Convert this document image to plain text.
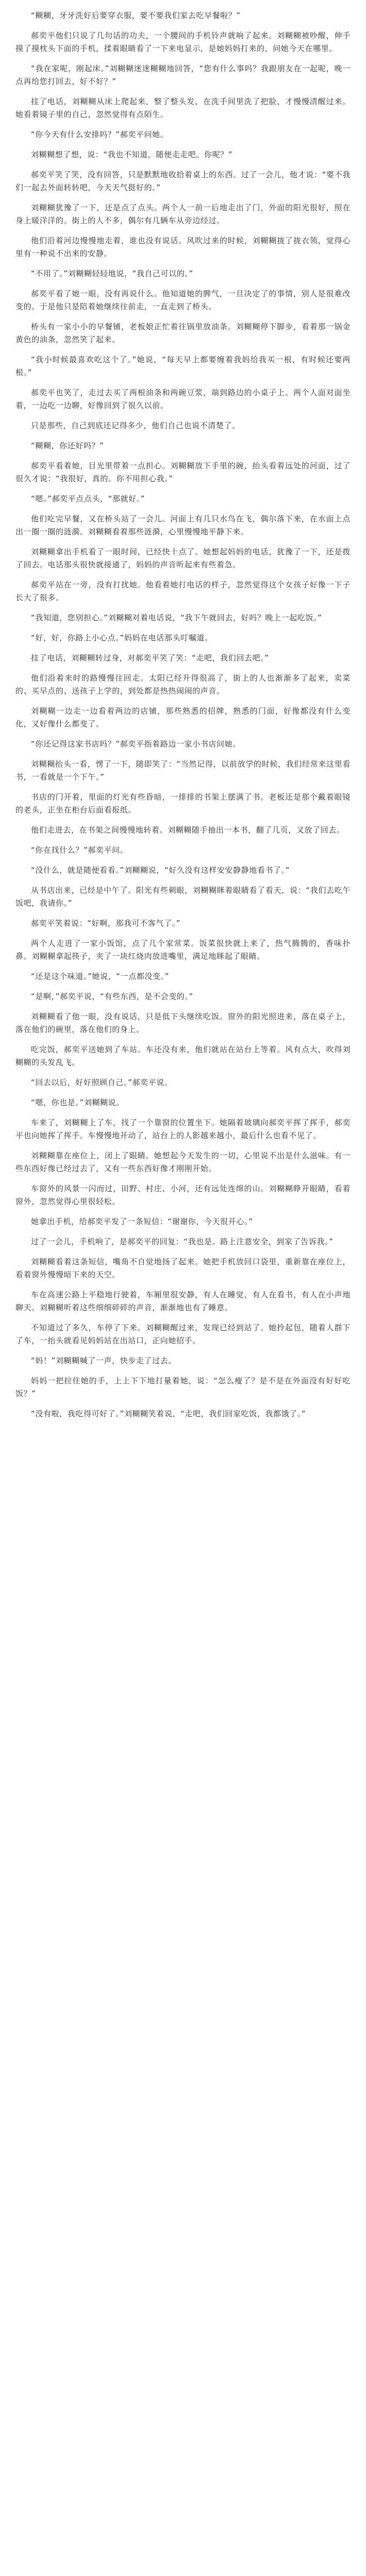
“糊糊，牙牙洗好后要穿衣服，要不要我们家去吃早餐啦？”

郝奕平他们只说了几句话的功夫，一个腰间的手机铃声就响了起来。刘糊糊被吵醒，伸手摸了摸枕头下面的手机，揉着眼睛看了一下来电显示，是她妈妈打来的，问她今天在哪里。

“我在家呢，刚起床。”刘糊糊迷迷糊糊地回答，“您有什么事吗？我跟朋友在一起呢，晚一点再给您打回去，好不好？”

挂了电话，刘糊糊从床上爬起来，整了整头发，在洗手间里洗了把脸，才慢慢清醒过来。她看着镜子里的自己，忽然觉得有点陌生。

“你今天有什么安排吗？”郝奕平问她。

刘糊糊想了想，说：“我也不知道，随便走走吧。你呢？”

郝奕平笑了笑，没有回答，只是默默地收拾着桌上的东西。过了一会儿，他才说：“要不我们一起去外面转转吧，今天天气挺好的。”

刘糊糊犹豫了一下，还是点了点头。两个人一前一后地走出了门，外面的阳光很好，照在身上暖洋洋的。街上的人不多，偶尔有几辆车从旁边经过。

他们沿着河边慢慢地走着，谁也没有说话。风吹过来的时候，刘糊糊拢了拢衣领，觉得心里有一种说不出来的安静。

“不用了。”刘糊糊轻轻地说，“我自己可以的。”

郝奕平看了她一眼，没有再说什么。他知道她的脾气，一旦决定了的事情，别人是很难改变的。于是他只是陪着她继续往前走，一直走到了桥头。

桥头有一家小小的早餐铺，老板娘正忙着往锅里放油条。刘糊糊停下脚步，看着那一锅金黄色的油条，忽然笑了起来。

“我小时候最喜欢吃这个了。”她说，“每天早上都要缠着我妈给我买一根，有时候还要两根。”

郝奕平也笑了，走过去买了两根油条和两碗豆浆，端到路边的小桌子上。两个人面对面坐着，一边吃一边聊，好像回到了很久以前。

只是那些，自己到底还记得多少，他们自己也说不清楚了。

“糊糊，你还好吗？”

郝奕平看着她，目光里带着一点担心。刘糊糊放下手里的碗，抬头看着远处的河面，过了很久才说：“我很好，真的。你不用担心我。”

“嗯。”郝奕平点点头，“那就好。”

他们吃完早餐，又在桥头站了一会儿。河面上有几只水鸟在飞，偶尔落下来，在水面上点出一圈一圈的涟漪。刘糊糊看着那些涟漪，心里慢慢地平静下来。

刘糊糊拿出手机看了一眼时间，已经快十点了。她想起妈妈的电话，犹豫了一下，还是拨了回去。电话那头很快就接通了，妈妈的声音听起来有些着急。

郝奕平站在一旁，没有打扰她。他看着她打电话的样子，忽然觉得这个女孩子好像一下子长大了很多。

“我知道，您别担心。”刘糊糊对着电话说，“我下午就回去，好吗？晚上一起吃饭。”

“好，好，你路上小心点。”妈妈在电话那头叮嘱道。

挂了电话，刘糊糊转过身，对郝奕平笑了笑：“走吧，我们回去吧。”

他们沿着来时的路慢慢往回走。太阳已经升得很高了，街上的人也渐渐多了起来，卖菜的、买早点的、送孩子上学的，到处都是热热闹闹的声音。

刘糊糊一边走一边看着两边的店铺，那些熟悉的招牌，熟悉的门面，好像都没有什么变化，又好像什么都变了。

“你还记得这家书店吗？”郝奕平指着路边一家小书店问她。

刘糊糊抬头一看，愣了一下，随即笑了：“当然记得，以前放学的时候，我们经常来这里看书，一看就是一个下午。”

书店的门开着，里面的灯光有些昏暗，一排排的书架上摆满了书。老板还是那个戴着眼镜的老头，正坐在柜台后面看报纸。

他们走进去，在书架之间慢慢地转着。刘糊糊随手抽出一本书，翻了几页，又放了回去。

“你在找什么？”郝奕平问。

“没什么，就是随便看看。”刘糊糊说，“好久没有这样安安静静地看书了。”

从书店出来，已经是中午了。阳光有些刺眼，刘糊糊眯着眼睛看了看天，说：“我们去吃午饭吧，我请你。”

郝奕平笑着说：“好啊，那我可不客气了。”

两个人走进了一家小饭馆，点了几个家常菜。饭菜很快就上来了，热气腾腾的，香味扑鼻。刘糊糊拿起筷子，夹了一块红烧肉放进嘴里，满足地眯起了眼睛。

“还是这个味道。”她说，“一点都没变。”

“是啊，”郝奕平说，“有些东西，是不会变的。”

刘糊糊看了他一眼，没有说话，只是低下头继续吃饭。窗外的阳光照进来，落在桌子上，落在他们的碗里，落在他们的身上。

吃完饭，郝奕平送她到了车站。车还没有来，他们就站在站台上等着。风有点大，吹得刘糊糊的头发乱飞。

“回去以后，好好照顾自己。”郝奕平说。

“嗯，你也是。”刘糊糊说。

车来了，刘糊糊上了车，找了一个靠窗的位置坐下。她隔着玻璃向郝奕平挥了挥手，郝奕平也向她挥了挥手。车慢慢地开动了，站台上的人影越来越小，最后什么也看不见了。

刘糊糊靠在座位上，闭上了眼睛。她想起今天发生的一切，心里说不出是什么滋味。有一些东西好像已经过去了，又有一些东西好像才刚刚开始。

车窗外的风景一闪而过，田野、村庄、小河，还有远处连绵的山。刘糊糊睁开眼睛，看着窗外，忽然觉得心里很轻松。

她拿出手机，给郝奕平发了一条短信：“谢谢你，今天很开心。”

过了一会儿，手机响了，是郝奕平的回复：“我也是。路上注意安全，到家了告诉我。”

刘糊糊看着这条短信，嘴角不自觉地扬了起来。她把手机放回口袋里，重新靠在座位上，看着窗外慢慢暗下来的天空。

车在高速公路上平稳地行驶着，车厢里很安静，有人在睡觉，有人在看书，有人在小声地聊天。刘糊糊听着这些细细碎碎的声音，渐渐地也有了睡意。

不知道过了多久，车停了下来。刘糊糊醒过来，发现已经到站了。她拎起包，随着人群下了车，一抬头就看见妈妈站在出站口，正向她招手。

“妈！”刘糊糊喊了一声，快步走了过去。

妈妈一把拉住她的手，上上下下地打量着她，说：“怎么瘦了？是不是在外面没有好好吃饭？”

“没有啦，我吃得可好了。”刘糊糊笑着说，“走吧，我们回家吃饭，我都饿了。”
